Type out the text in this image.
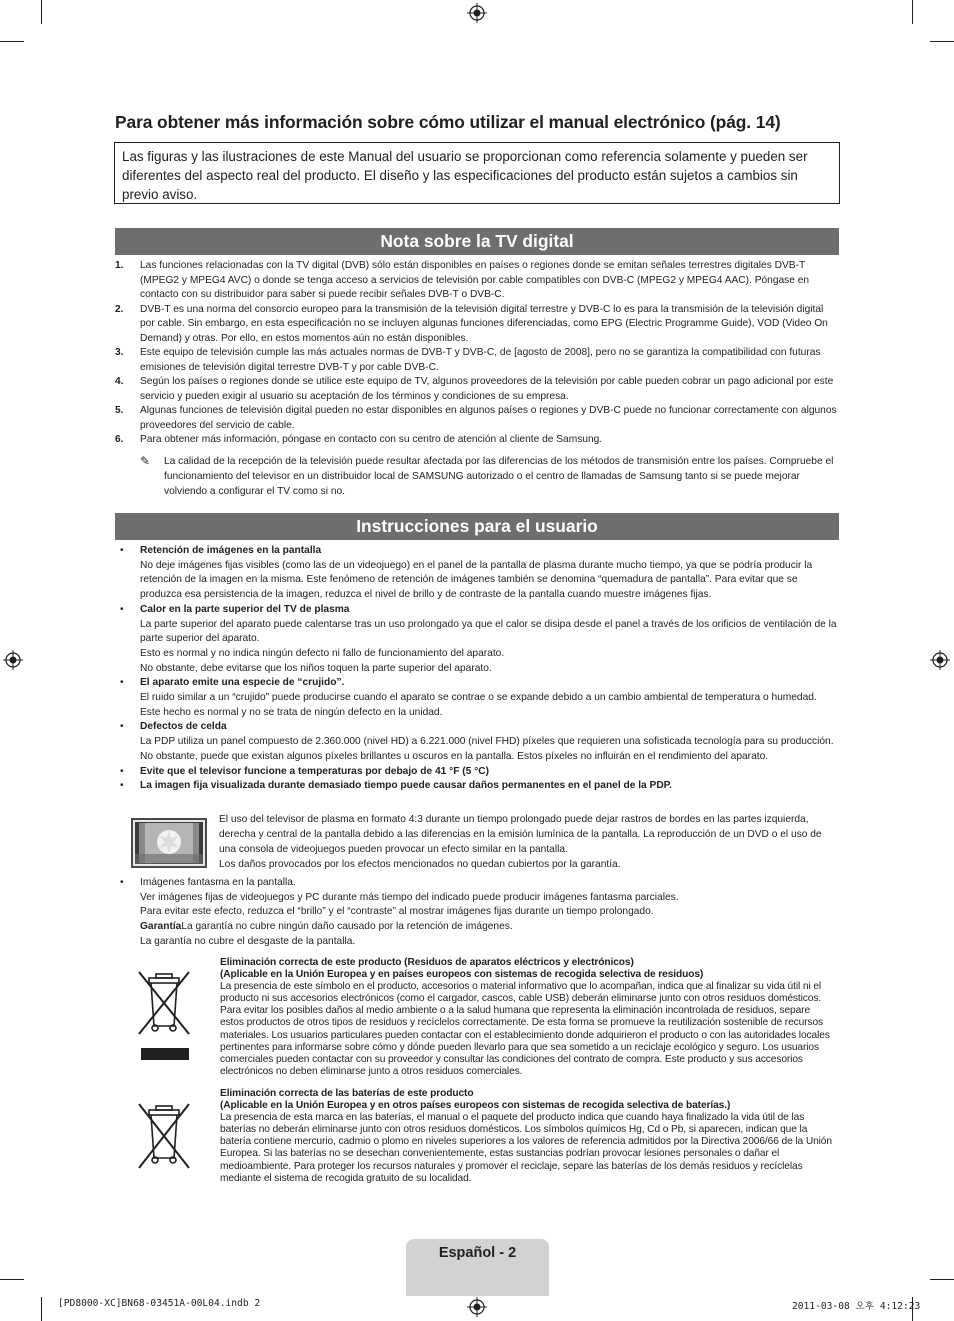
Para obtener más información sobre cómo utilizar el manual electrónico (pág. 14)
Las figuras y las ilustraciones de este Manual del usuario se proporcionan como referencia solamente y pueden ser diferentes del aspecto real del producto. El diseño y las especificaciones del producto están sujetos a cambios sin previo aviso.
Nota sobre la TV digital
1. Las funciones relacionadas con la TV digital (DVB) sólo están disponibles en países o regiones donde se emitan señales terrestres digitales DVB-T (MPEG2 y MPEG4 AVC) o donde se tenga acceso a servicios de televisión por cable compatibles con DVB-C (MPEG2 y MPEG4 AAC). Póngase en contacto con su distribuidor para saber si puede recibir señales DVB-T o DVB-C.
2. DVB-T es una norma del consorcio europeo para la transmisión de la televisión digital terrestre y DVB-C lo es para la transmisión de la televisión digital por cable. Sin embargo, en esta especificación no se incluyen algunas funciones diferenciadas, como EPG (Electric Programme Guide), VOD (Video On Demand) y otras. Por ello, en estos momentos aún no están disponibles.
3. Este equipo de televisión cumple las más actuales normas de DVB-T y DVB-C, de [agosto de 2008], pero no se garantiza la compatibilidad con futuras emisiones de televisión digital terrestre DVB-T y por cable DVB-C.
4. Según los países o regiones donde se utilice este equipo de TV, algunos proveedores de la televisión por cable pueden cobrar un pago adicional por este servicio y pueden exigir al usuario su aceptación de los términos y condiciones de su empresa.
5. Algunas funciones de televisión digital pueden no estar disponibles en algunos países o regiones y DVB-C puede no funcionar correctamente con algunos proveedores del servicio de cable.
6. Para obtener más información, póngase en contacto con su centro de atención al cliente de Samsung.
✎ La calidad de la recepción de la televisión puede resultar afectada por las diferencias de los métodos de transmisión entre los países. Compruebe el funcionamiento del televisor en un distribuidor local de SAMSUNG autorizado o el centro de llamadas de Samsung tanto si se puede mejorar volviendo a configurar el TV como si no.
Instrucciones para el usuario
• Retención de imágenes en la pantalla
No deje imágenes fijas visibles (como las de un videojuego) en el panel de la pantalla de plasma durante mucho tiempo, ya que se podría producir la retención de la imagen en la misma. Este fenómeno de retención de imágenes también se denomina “quemadura de pantalla”. Para evitar que se produzca esa persistencia de la imagen, reduzca el nivel de brillo y de contraste de la pantalla cuando muestre imágenes fijas.
• Calor en la parte superior del TV de plasma
La parte superior del aparato puede calentarse tras un uso prolongado ya que el calor se disipa desde el panel a través de los orificios de ventilación de la parte superior del aparato.
Esto es normal y no indica ningún defecto ni fallo de funcionamiento del aparato.
No obstante, debe evitarse que los niños toquen la parte superior del aparato.
• El aparato emite una especie de “crujido”.
El ruido similar a un “crujido” puede producirse cuando el aparato se contrae o se expande debido a un cambio ambiental de temperatura o humedad. Este hecho es normal y no se trata de ningún defecto en la unidad.
• Defectos de celda
La PDP utiliza un panel compuesto de 2.360.000 (nivel HD) a 6.221.000 (nivel FHD) píxeles que requieren una sofisticada tecnología para su producción. No obstante, puede que existan algunos píxeles brillantes u oscuros en la pantalla. Estos píxeles no influirán en el rendimiento del aparato.
• Evite que el televisor funcione a temperaturas por debajo de 41 °F (5 °C)
• La imagen fija visualizada durante demasiado tiempo puede causar daños permanentes en el panel de la PDP.
El uso del televisor de plasma en formato 4:3 durante un tiempo prolongado puede dejar rastros de bordes en las partes izquierda, derecha y central de la pantalla debido a las diferencias en la emisión lumínica de la pantalla. La reproducción de un DVD o el uso de una consola de videojuegos pueden provocar un efecto similar en la pantalla.
Los daños provocados por los efectos mencionados no quedan cubiertos por la garantía.
• Imágenes fantasma en la pantalla.
Ver imágenes fijas de videojuegos y PC durante más tiempo del indicado puede producir imágenes fantasma parciales.
Para evitar este efecto, reduzca el “brillo” y el “contraste” al mostrar imágenes fijas durante un tiempo prolongado.
GarantíaLa garantía no cubre ningún daño causado por la retención de imágenes.
La garantía no cubre el desgaste de la pantalla.
Eliminación correcta de este producto (Residuos de aparatos eléctricos y electrónicos)
(Aplicable en la Unión Europea y en países europeos con sistemas de recogida selectiva de residuos)
La presencia de este símbolo en el producto, accesorios o material informativo que lo acompañan, indica que al finalizar su vida útil ni el producto ni sus accesorios electrónicos (como el cargador, cascos, cable USB) deberán eliminarse junto con otros residuos domésticos. Para evitar los posibles daños al medio ambiente o a la salud humana que representa la eliminación incontrolada de residuos, separe estos productos de otros tipos de residuos y recíclelos correctamente. De esta forma se promueve la reutilización sostenible de recursos materiales. Los usuarios particulares pueden contactar con el establecimiento donde adquirieron el producto o con las autoridades locales pertinentes para informarse sobre cómo y dónde pueden llevarlo para que sea sometido a un reciclaje ecológico y seguro. Los usuarios comerciales pueden contactar con su proveedor y consultar las condiciones del contrato de compra. Este producto y sus accesorios electrónicos no deben eliminarse junto a otros residuos comerciales.
Eliminación correcta de las baterías de este producto
(Aplicable en la Unión Europea y en otros países europeos con sistemas de recogida selectiva de baterías.)
La presencia de esta marca en las baterías, el manual o el paquete del producto indica que cuando haya finalizado la vida útil de las baterías no deberán eliminarse junto con otros residuos domésticos. Los símbolos químicos Hg, Cd o Pb, si aparecen, indican que la batería contiene mercurio, cadmio o plomo en niveles superiores a los valores de referencia admitidos por la Directiva 2006/66 de la Unión Europea. Si las baterías no se desechan convenientemente, estas sustancias podrían provocar lesiones personales o dañar el medioambiente. Para proteger los recursos naturales y promover el reciclaje, separe las baterías de los demás residuos y recíclelas mediante el sistema de recogida gratuito de su localidad.
Español - 2
[PD8000-XC]BN68-03451A-00L04.indb 2	2011-03-08 오후 4:12:23
